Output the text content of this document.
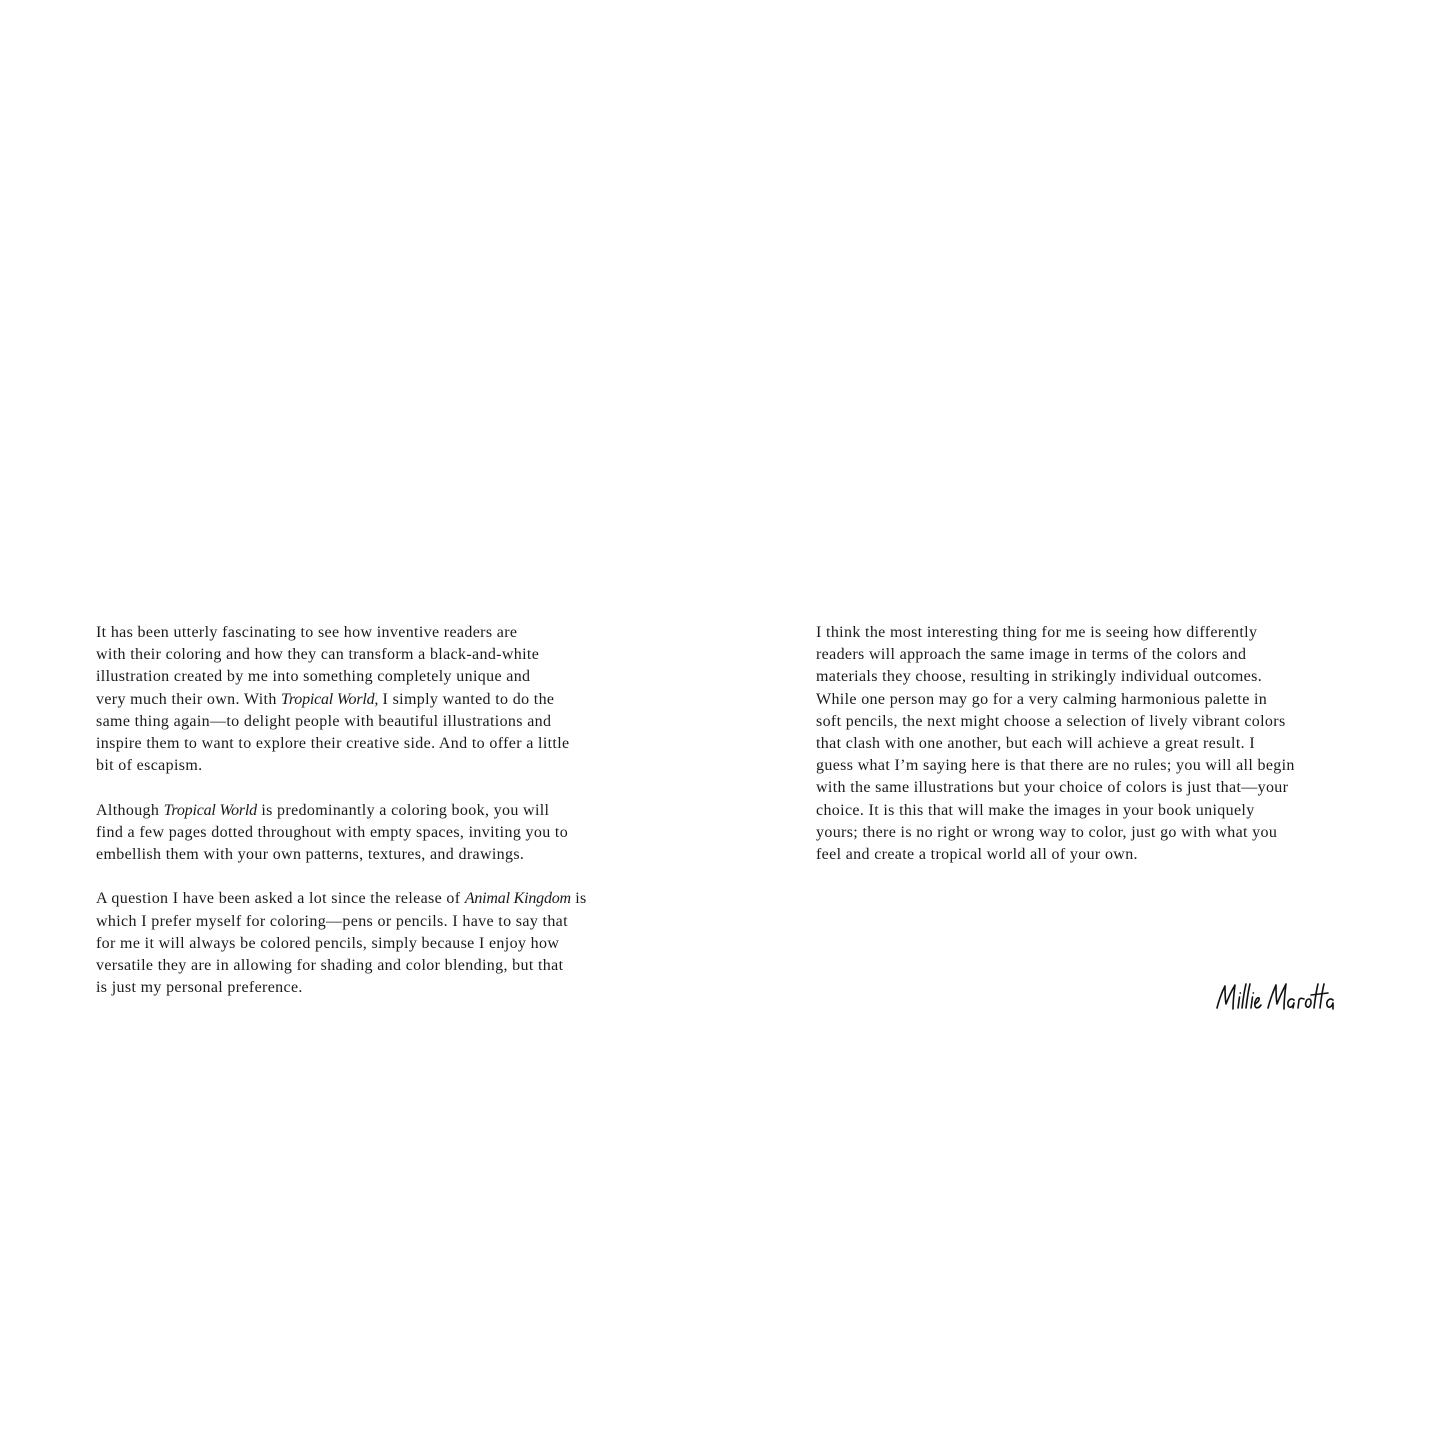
It has been utterly fascinating to see how inventive readers are
with their coloring and how they can transform a black-and-white
illustration created by me into something completely unique and
very much their own. With Tropical World, I simply wanted to do the
same thing again—to delight people with beautiful illustrations and
inspire them to want to explore their creative side. And to offer a little
bit of escapism.
Although Tropical World is predominantly a coloring book, you will
find a few pages dotted throughout with empty spaces, inviting you to
embellish them with your own patterns, textures, and drawings.
A question I have been asked a lot since the release of Animal Kingdom is
which I prefer myself for coloring—pens or pencils. I have to say that
for me it will always be colored pencils, simply because I enjoy how
versatile they are in allowing for shading and color blending, but that
is just my personal preference.
I think the most interesting thing for me is seeing how differently
readers will approach the same image in terms of the colors and
materials they choose, resulting in strikingly individual outcomes.
While one person may go for a very calming harmonious palette in
soft pencils, the next might choose a selection of lively vibrant colors
that clash with one another, but each will achieve a great result. I
guess what I’m saying here is that there are no rules; you will all begin
with the same illustrations but your choice of colors is just that—your
choice. It is this that will make the images in your book uniquely
yours; there is no right or wrong way to color, just go with what you
feel and create a tropical world all of your own.
